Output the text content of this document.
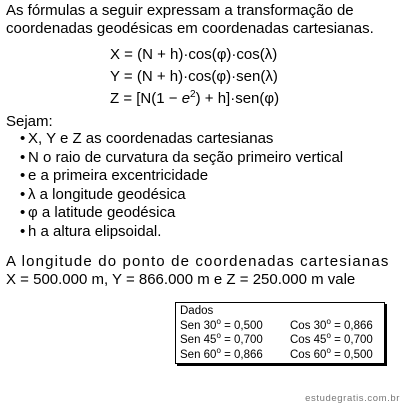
As fórmulas a seguir expressam a transformação de coordenadas geodésicas em coordenadas cartesianas.

X = (N + h)·cos(φ)·cos(λ)
Y = (N + h)·cos(φ)·sen(λ)
$Z = [N(1 - e^2) + h]\cdot sen(\varphi)$

Sejam:

• X, Y e Z as coordenadas cartesianas
• N o raio de curvatura da seção primeiro vertical
• e a primeira excentricidade
• λ a longitude geodésica
• φ a latitude geodésica
• h a altura elipsoidal.

A longitude do ponto de coordenadas cartesianas
X = 500.000 m, Y = 866.000 m e Z = 250.000 m vale

Dados
Sen $30^o = 0,500$	Cos $30^o = 0,866$
Sen $45^o = 0,700$	Cos $45^o = 0,700$
Sen $60^o = 0,866$	Cos $60^o = 0,500$
estudegratis.com.br
